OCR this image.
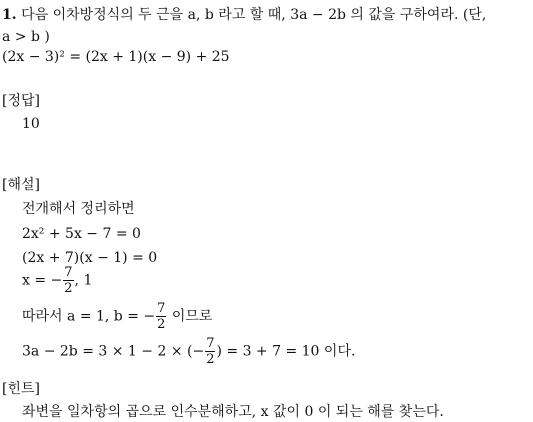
1. 다음 이차방정식의 두 근을 a, b 라고 할 때, 3a − 2b 의 값을 구하여라. (단,
a > b )
(2x − 3)² = (2x + 1)(x − 9) + 25
[정답]
10
[해설]
전개해서 정리하면
2x² + 5x − 7 = 0
(2x + 7)(x − 1) = 0
x = − $\frac{7}{2}$ , 1
따라서 a = 1, b = − $\frac{7}{2}$ 이므로
3a − 2b = 3 × 1 − 2 × (− $\frac{7}{2}$ ) = 3 + 7 = 10 이다.
[힌트]
좌변을 일차항의 곱으로 인수분해하고, x 값이 0 이 되는 해를 찾는다.
